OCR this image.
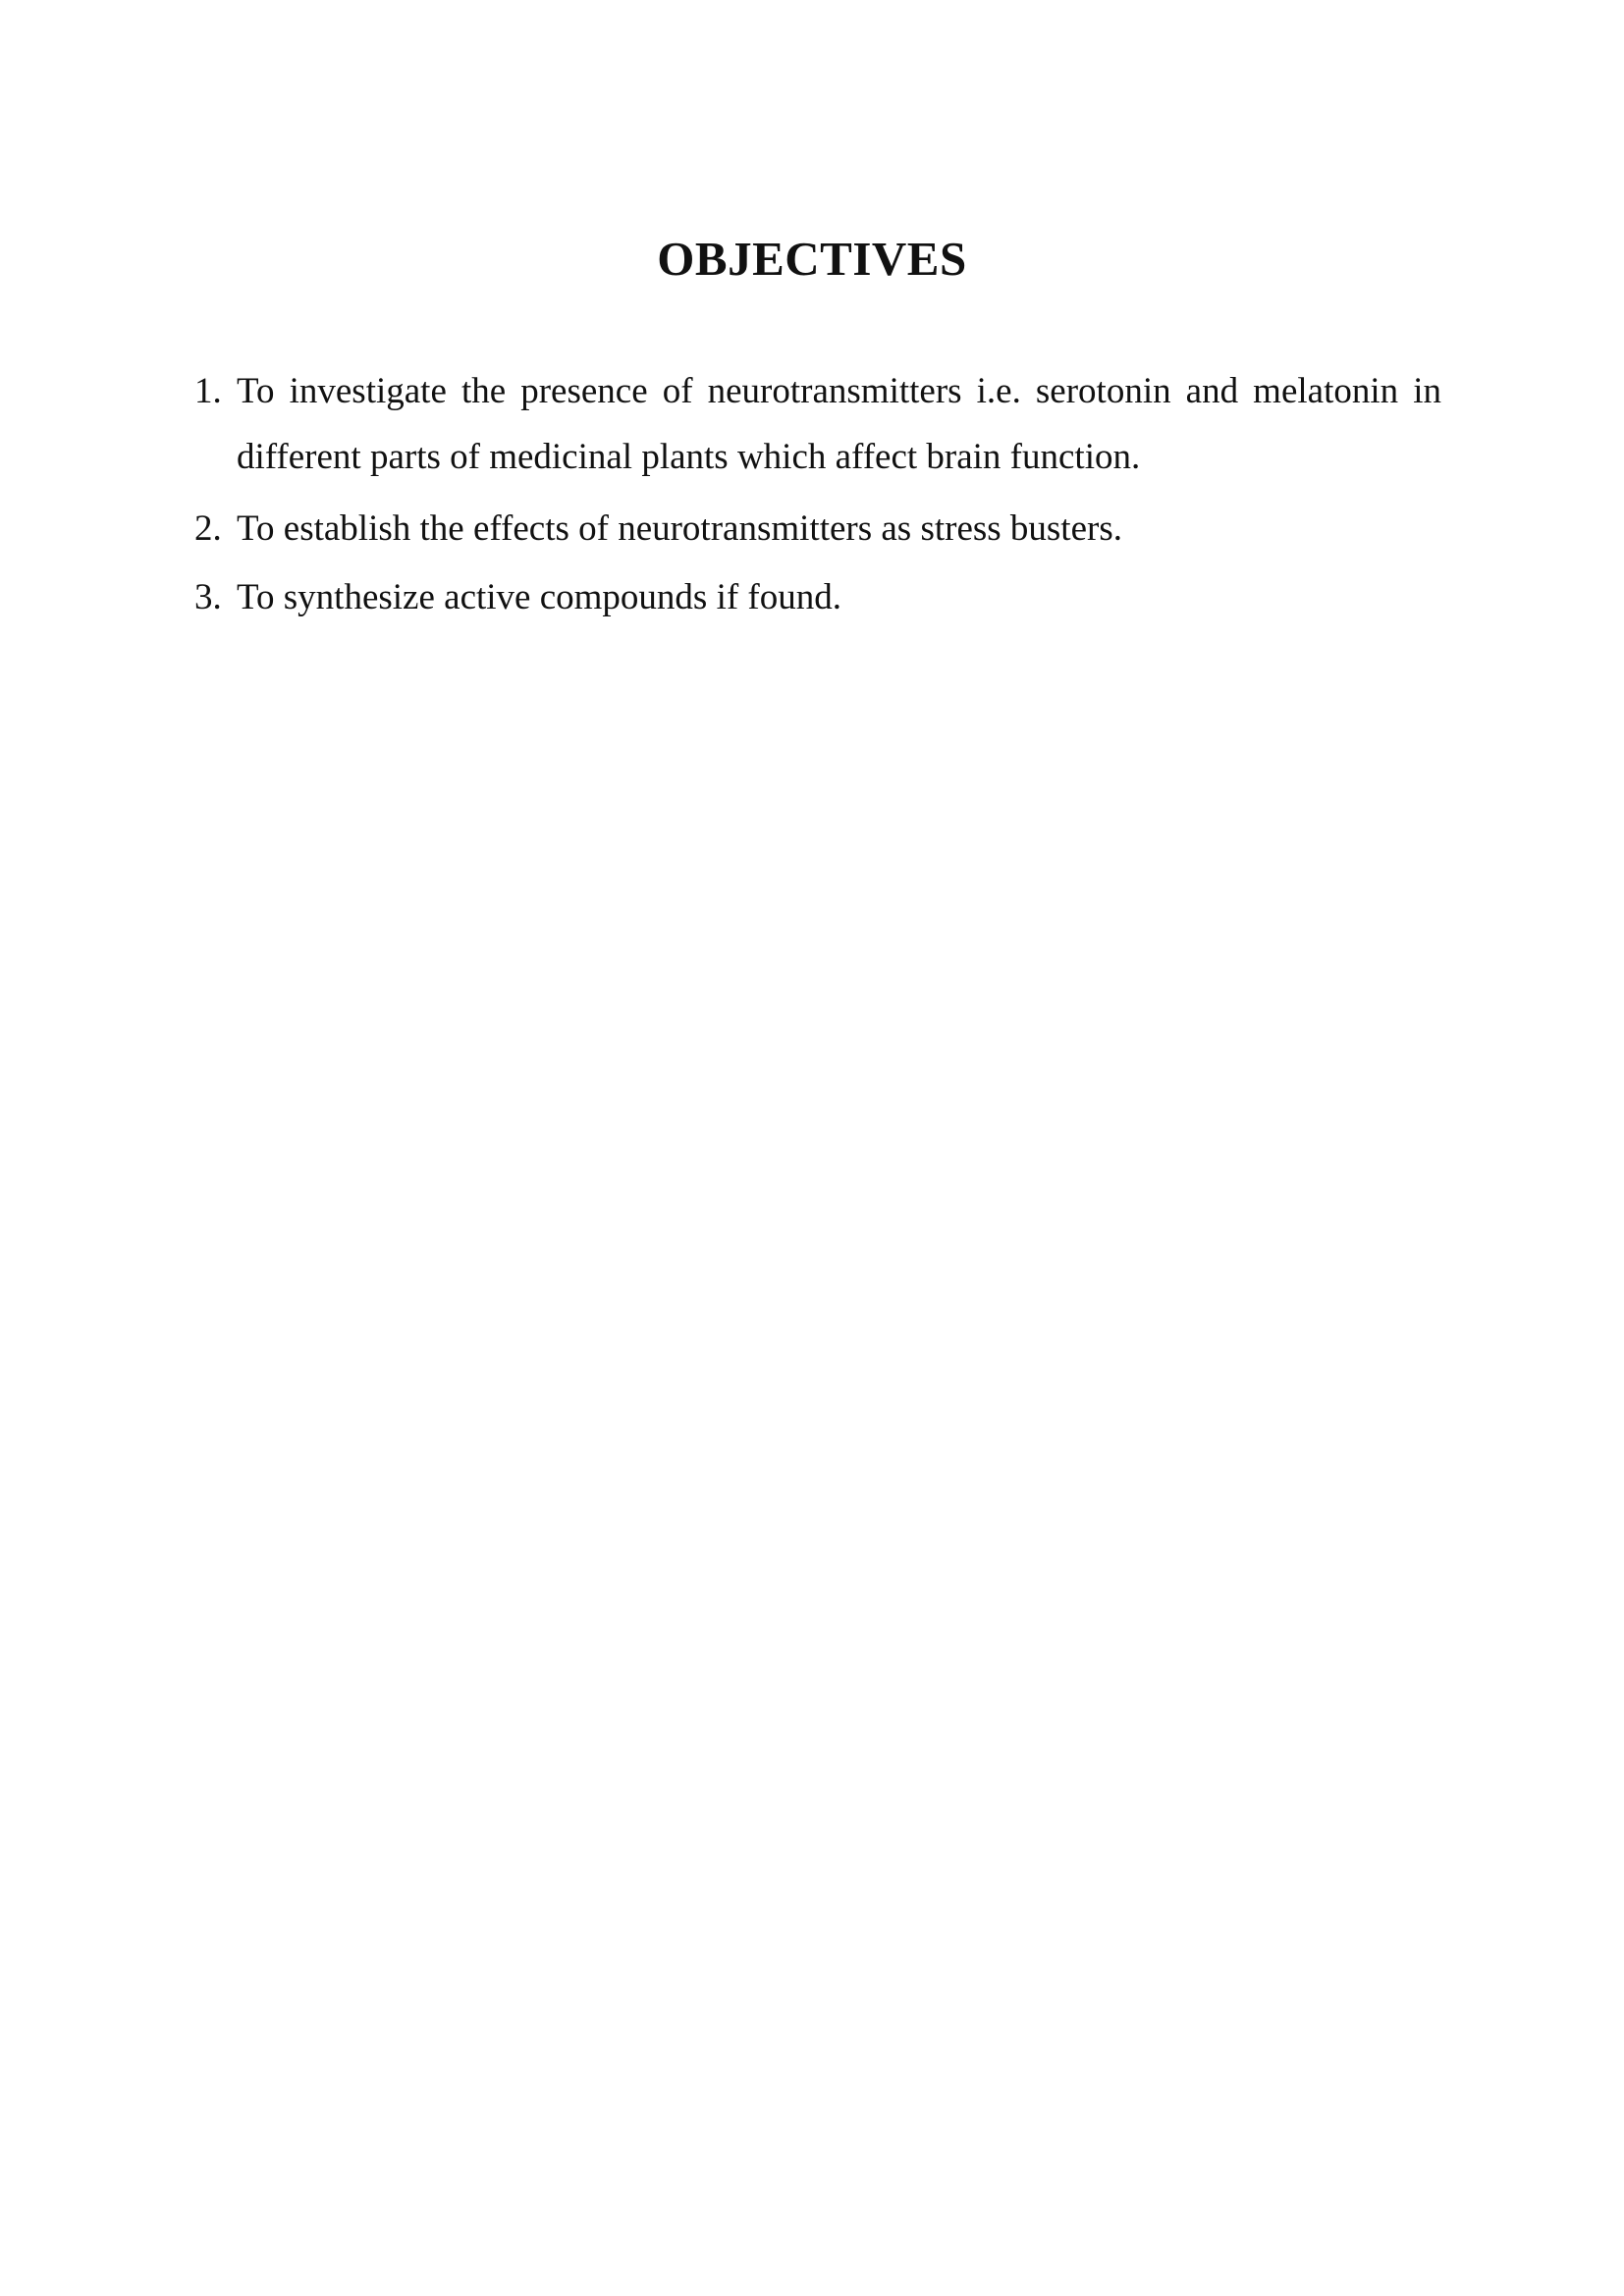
OBJECTIVES
1. To investigate the presence of neurotransmitters i.e. serotonin and melatonin in different parts of medicinal plants which affect brain function.
2. To establish the effects of neurotransmitters as stress busters.
3. To synthesize active compounds if found.
